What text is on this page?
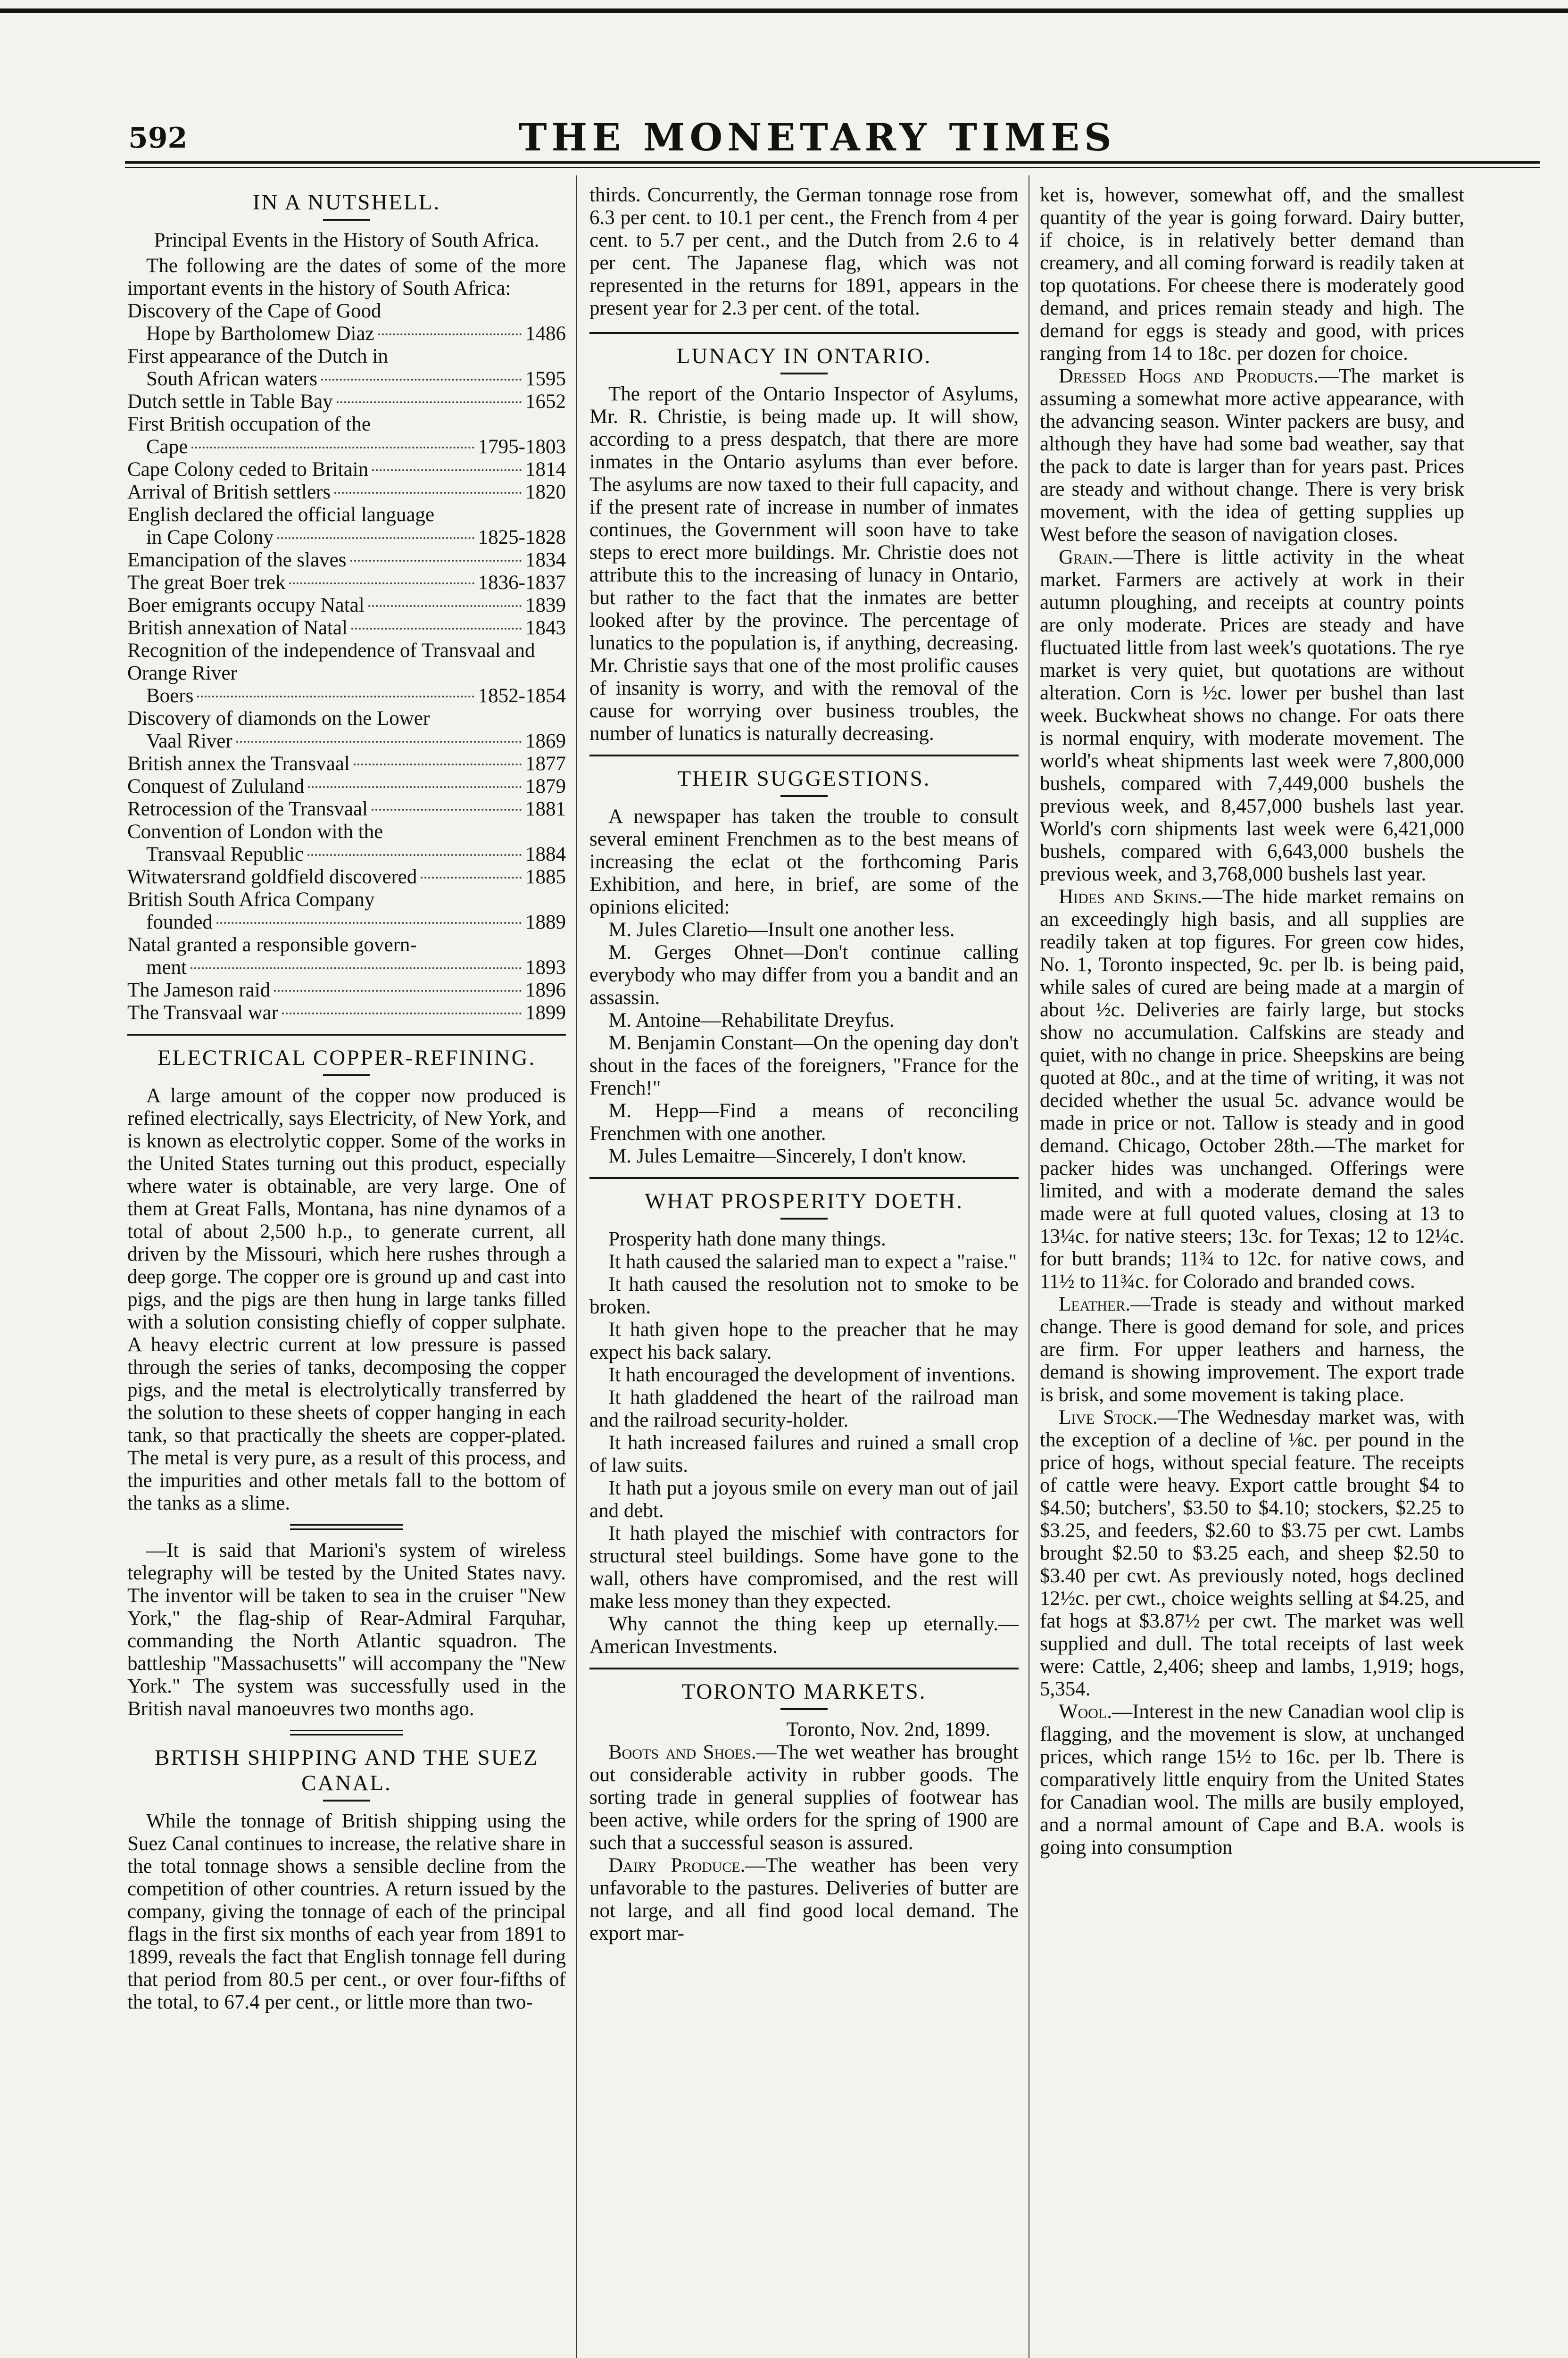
592	THE MONETARY TIMES
IN A NUTSHELL.

Principal Events in the History of South Africa.

The following are the dates of some of the more important events in the history of South Africa:

Discovery of the Cape of Good
Hope by Bartholomew Diaz	1486
First appearance of the Dutch in
South African waters	1595
Dutch settle in Table Bay	1652
First British occupation of the
Cape	1795-1803
Cape Colony ceded to Britain	1814
Arrival of British settlers	1820
English declared the official language
in Cape Colony	1825-1828
Emancipation of the slaves	1834
The great Boer trek	1836-1837
Boer emigrants occupy Natal	1839
British annexation of Natal	1843
Recognition of the independence of Transvaal and Orange River
Boers	1852-1854
Discovery of diamonds on the Lower
Vaal River	1869
British annex the Transvaal	1877
Conquest of Zululand	1879
Retrocession of the Transvaal	1881
Convention of London with the
Transvaal Republic	1884
Witwatersrand goldfield discovered	1885
British South Africa Company
founded	1889
Natal granted a responsible govern-
ment	1893
The Jameson raid	1896
The Transvaal war	1899
ELECTRICAL COPPER-REFINING.

A large amount of the copper now produced is refined electrically, says Electricity, of New York, and is known as electrolytic copper. Some of the works in the United States turning out this product, especially where water is obtainable, are very large. One of them at Great Falls, Montana, has nine dynamos of a total of about 2,500 h.p., to generate current, all driven by the Missouri, which here rushes through a deep gorge. The copper ore is ground up and cast into pigs, and the pigs are then hung in large tanks filled with a solution consisting chiefly of copper sulphate. A heavy electric current at low pressure is passed through the series of tanks, decomposing the copper pigs, and the metal is electrolytically transferred by the solution to these sheets of copper hanging in each tank, so that practically the sheets are copper-plated. The metal is very pure, as a result of this process, and the impurities and other metals fall to the bottom of the tanks as a slime.

—It is said that Marioni's system of wireless telegraphy will be tested by the United States navy. The inventor will be taken to sea in the cruiser "New York," the flag-ship of Rear-Admiral Farquhar, commanding the North Atlantic squadron. The battleship "Massachusetts" will accompany the "New York." The system was successfully used in the British naval manoeuvres two months ago.

BRTISH SHIPPING AND THE SUEZ CANAL.

While the tonnage of British shipping using the Suez Canal continues to increase, the relative share in the total tonnage shows a sensible decline from the competition of other countries. A return issued by the company, giving the tonnage of each of the principal flags in the first six months of each year from 1891 to 1899, reveals the fact that English tonnage fell during that period from 80.5 per cent., or over four-fifths of the total, to 67.4 per cent., or little more than two-

thirds. Concurrently, the German tonnage rose from 6.3 per cent. to 10.1 per cent., the French from 4 per cent. to 5.7 per cent., and the Dutch from 2.6 to 4 per cent. The Japanese flag, which was not represented in the returns for 1891, appears in the present year for 2.3 per cent. of the total.

LUNACY IN ONTARIO.

The report of the Ontario Inspector of Asylums, Mr. R. Christie, is being made up. It will show, according to a press despatch, that there are more inmates in the Ontario asylums than ever before. The asylums are now taxed to their full capacity, and if the present rate of increase in number of inmates continues, the Government will soon have to take steps to erect more buildings. Mr. Christie does not attribute this to the increasing of lunacy in Ontario, but rather to the fact that the inmates are better looked after by the province. The percentage of lunatics to the population is, if anything, decreasing. Mr. Christie says that one of the most prolific causes of insanity is worry, and with the removal of the cause for worrying over business troubles, the number of lunatics is naturally decreasing.

THEIR SUGGESTIONS.

A newspaper has taken the trouble to consult several eminent Frenchmen as to the best means of increasing the eclat ot the forthcoming Paris Exhibition, and here, in brief, are some of the opinions elicited:

M. Jules Claretio—Insult one another less.

M. Gerges Ohnet—Don't continue calling everybody who may differ from you a bandit and an assassin.

M. Antoine—Rehabilitate Dreyfus.

M. Benjamin Constant—On the opening day don't shout in the faces of the foreigners, "France for the French!"

M. Hepp—Find a means of reconciling Frenchmen with one another.

M. Jules Lemaitre—Sincerely, I don't know.

WHAT PROSPERITY DOETH.

Prosperity hath done many things.

It hath caused the salaried man to expect a "raise."

It hath caused the resolution not to smoke to be broken.

It hath given hope to the preacher that he may expect his back salary.

It hath encouraged the development of inventions.

It hath gladdened the heart of the railroad man and the railroad security-holder.

It hath increased failures and ruined a small crop of law suits.

It hath put a joyous smile on every man out of jail and debt.

It hath played the mischief with contractors for structural steel buildings. Some have gone to the wall, others have compromised, and the rest will make less money than they expected.

Why cannot the thing keep up eternally.—American Investments.

TORONTO MARKETS.

Toronto, Nov. 2nd, 1899.

Boots and Shoes.—The wet weather has brought out considerable activity in rubber goods. The sorting trade in general supplies of footwear has been active, while orders for the spring of 1900 are such that a successful season is assured.

Dairy Produce.—The weather has been very unfavorable to the pastures. Deliveries of butter are not large, and all find good local demand. The export mar-

ket is, however, somewhat off, and the smallest quantity of the year is going forward. Dairy butter, if choice, is in relatively better demand than creamery, and all coming forward is readily taken at top quotations. For cheese there is moderately good demand, and prices remain steady and high. The demand for eggs is steady and good, with prices ranging from 14 to 18c. per dozen for choice.

Dressed Hogs and Products.—The market is assuming a somewhat more active appearance, with the advancing season. Winter packers are busy, and although they have had some bad weather, say that the pack to date is larger than for years past. Prices are steady and without change. There is very brisk movement, with the idea of getting supplies up West before the season of navigation closes.

Grain.—There is little activity in the wheat market. Farmers are actively at work in their autumn ploughing, and receipts at country points are only moderate. Prices are steady and have fluctuated little from last week's quotations. The rye market is very quiet, but quotations are without alteration. Corn is ½c. lower per bushel than last week. Buckwheat shows no change. For oats there is normal enquiry, with moderate movement. The world's wheat shipments last week were 7,800,000 bushels, compared with 7,449,000 bushels the previous week, and 8,457,000 bushels last year. World's corn shipments last week were 6,421,000 bushels, compared with 6,643,000 bushels the previous week, and 3,768,000 bushels last year.

Hides and Skins.—The hide market remains on an exceedingly high basis, and all supplies are readily taken at top figures. For green cow hides, No. 1, Toronto inspected, 9c. per lb. is being paid, while sales of cured are being made at a margin of about ½c. Deliveries are fairly large, but stocks show no accumulation. Calfskins are steady and quiet, with no change in price. Sheepskins are being quoted at 80c., and at the time of writing, it was not decided whether the usual 5c. advance would be made in price or not. Tallow is steady and in good demand. Chicago, October 28th.—The market for packer hides was unchanged. Offerings were limited, and with a moderate demand the sales made were at full quoted values, closing at 13 to 13¼c. for native steers; 13c. for Texas; 12 to 12¼c. for butt brands; 11¾ to 12c. for native cows, and 11½ to 11¾c. for Colorado and branded cows.

Leather.—Trade is steady and without marked change. There is good demand for sole, and prices are firm. For upper leathers and harness, the demand is showing improvement. The export trade is brisk, and some movement is taking place.

Live Stock.—The Wednesday market was, with the exception of a decline of ⅛c. per pound in the price of hogs, without special feature. The receipts of cattle were heavy. Export cattle brought $4 to $4.50; butchers', $3.50 to $4.10; stockers, $2.25 to $3.25, and feeders, $2.60 to $3.75 per cwt. Lambs brought $2.50 to $3.25 each, and sheep $2.50 to $3.40 per cwt. As previously noted, hogs declined 12½c. per cwt., choice weights selling at $4.25, and fat hogs at $3.87½ per cwt. The market was well supplied and dull. The total receipts of last week were: Cattle, 2,406; sheep and lambs, 1,919; hogs, 5,354.

Wool.—Interest in the new Canadian wool clip is flagging, and the movement is slow, at unchanged prices, which range 15½ to 16c. per lb. There is comparatively little enquiry from the United States for Canadian wool. The mills are busily employed, and a normal amount of Cape and B.A. wools is going into consumption
